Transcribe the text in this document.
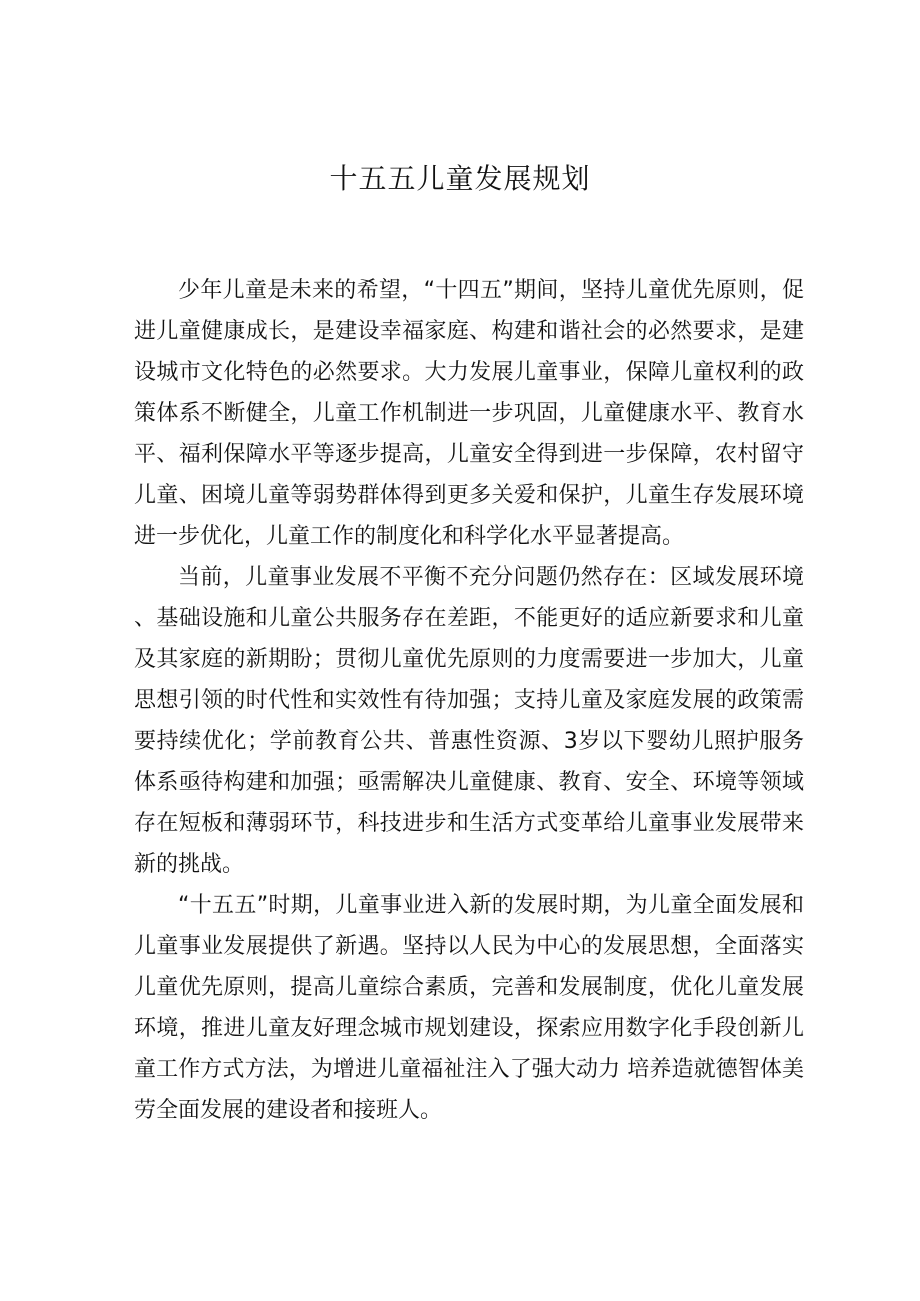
十五五儿童发展规划

少年儿童是未来的希望，“十四五”期间，坚持儿童优先原则，促进儿童健康成长，是建设幸福家庭、构建和谐社会的必然要求，是建设城市文化特色的必然要求。大力发展儿童事业，保障儿童权利的政策体系不断健全，儿童工作机制进一步巩固，儿童健康水平、教育水平、福利保障水平等逐步提高，儿童安全得到进一步保障，农村留守儿童、困境儿童等弱势群体得到更多关爱和保护，儿童生存发展环境进一步优化，儿童工作的制度化和科学化水平显著提高。

当前，儿童事业发展不平衡不充分问题仍然存在：区域发展环境、基础设施和儿童公共服务存在差距，不能更好的适应新要求和儿童及其家庭的新期盼；贯彻儿童优先原则的力度需要进一步加大，儿童思想引领的时代性和实效性有待加强；支持儿童及家庭发展的政策需要持续优化；学前教育公共、普惠性资源、3岁以下婴幼儿照护服务体系亟待构建和加强；亟需解决儿童健康、教育、安全、环境等领域存在短板和薄弱环节，科技进步和生活方式变革给儿童事业发展带来新的挑战。

“十五五”时期，儿童事业进入新的发展时期，为儿童全面发展和儿童事业发展提供了新遇。坚持以人民为中心的发展思想，全面落实儿童优先原则，提高儿童综合素质，完善和发展制度，优化儿童发展环境，推进儿童友好理念城市规划建设，探索应用数字化手段创新儿童工作方式方法，为增进儿童福祉注入了强大动力 培养造就德智体美劳全面发展的建设者和接班人。
